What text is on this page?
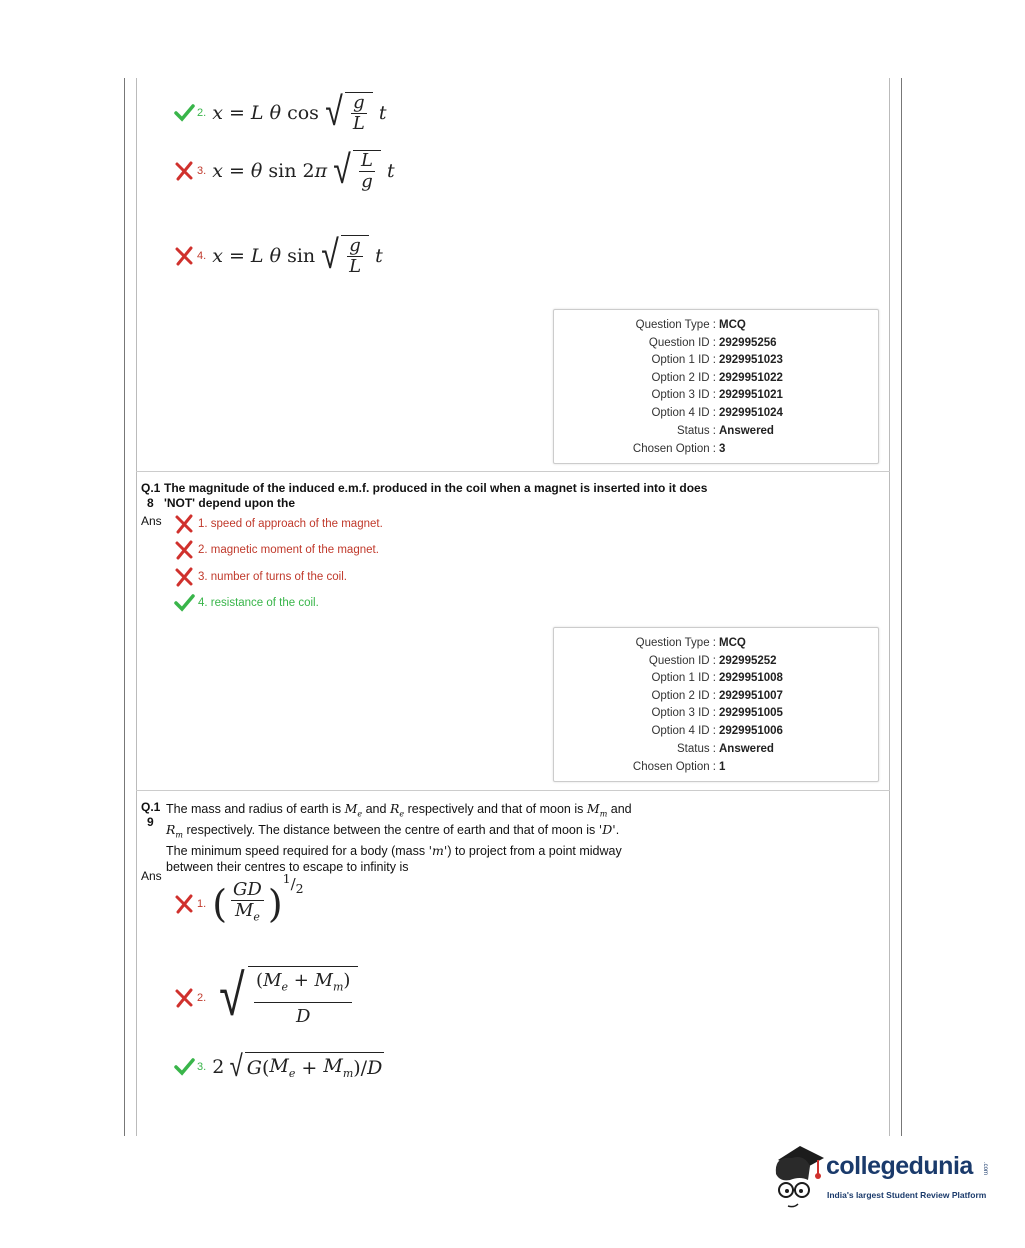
2. x = L
θ cos √ $\frac{g}{L}$
t
3. x = θ sin 2 π √ $\frac{L}{g}$
t
4. x = L
θ sin √ $\frac{g}{L}$
t
Question Type : MCQ
Question ID : 292995256
Option 1 ID : 2929951023
Option 2 ID : 2929951022
Option 3 ID : 2929951021
Option 4 ID : 2929951024
Status : Answered
Chosen Option : 3
Q.1
8
The magnitude of the induced e.m.f. produced in the coil when a magnet is inserted into it does
'NOT' depend upon the
Ans	1. speed of approach of the magnet.
2. magnetic moment of the magnet.
3. number of turns of the coil.
4. resistance of the coil.
Question Type : MCQ
Question ID : 292995252
Option 1 ID : 2929951008
Option 2 ID : 2929951007
Option 3 ID : 2929951005
Option 4 ID : 2929951006
Status : Answered
Chosen Option : 1
Q.1
9
The mass and radius of earth is $M_e$ and $R_e$ respectively and that of moon is $M_m$ and
$R_m$ respectively. The distance between the centre of earth and that of moon is 'D'.
The minimum speed required for a body (mass 'm') to project from a point midway
between their centres to escape to infinity is
Ans
1. ( $\frac{GD}{M_e}$ )
$^1/_2$
2. √ $\frac{(M_e + M_m)}{D}$
3. 2 √ G ( $M_e + M_m$ )/ D
collegedunia .com
India's largest Student Review Platform
